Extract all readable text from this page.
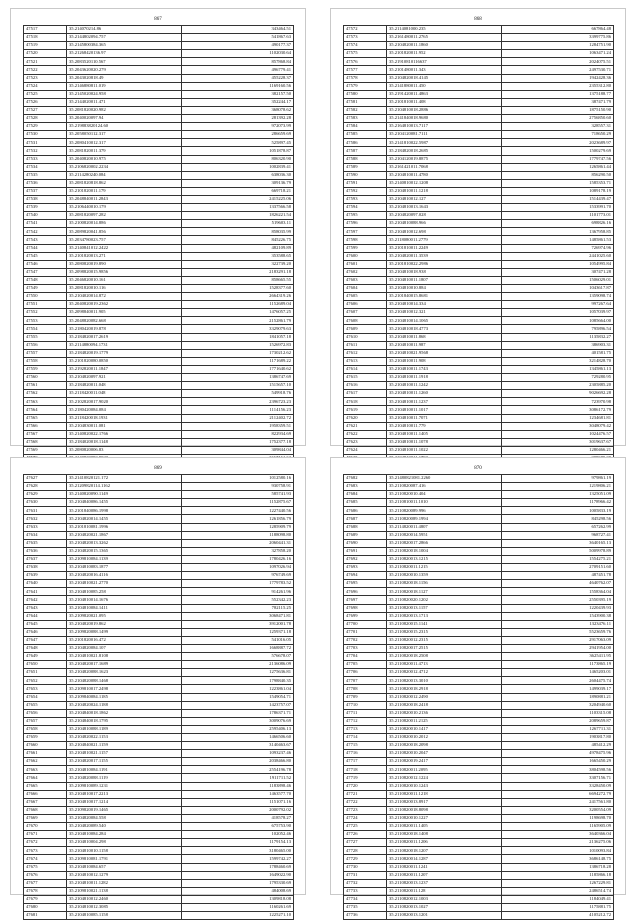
867
47517	35.214070214.86	343464.51
47518	35.2144802094.757	541867.63
47519	35.2145800384.365	490177.37
47520	35.21268420136.97	1102030.64
47521	35.2083520110.567	857868.84
47522	35.2043620020.279	496779.41
47523	35.2043020818.49	455228.37
47524	35.2146880811.019	1169160.56
47525	35.2145020024.958	382157.50
47526	35.2144020011.471	352244.17
47527	35.2081820020.982	368078.62
47528	35.2040020097.94	281392.28
47529	35.219883820124.60	972073.99
47530	35.2058050112.317	286659.69
47531	35.2080410012.317	525897.45
47532	35.2081820011.379	1051878.87
47533	35.2040820010.975	806320.90
47534	35.2106820002.2234	1002839.41
47535	35.2114280240.084	638036.30
47536	35.2081820818.862	309136.79
47537	35.2101820011.179	669718.21
47538	35.2048840011.2843	2415225.06
47539	35.2106440010.179	1337566.58
47540	35.2081820097.282	1826221.54
47541	35.2100820014.886	519603.11
47542	35.2089820041.856	858035.99
47543	35.2034780023.757	845226.75
47544	35.2140841012.2422	482109.89
47545	35.2101820013.271	353588.65
47546	35.2080820019.890	322739.20
47547	35.2098820015.9856	2183291.18
47548	35.2046820010.161	858665.55
47549	35.2081820010.116	1528377.60
47550	35.2104020014.872	2664319.26
47551	35.2040820019.2362	1152689.04
47552	35.2098840011.905	1476057.25
47553	35.2048820082.668	2152861.79
47554	35.2180420019.878	3329079.63
47555	35.2184820017.2619	1841057.18
47556	35.2114880094.1731	1526972.83
47557	35.2184820019.1779	1730212.62
47558	35.2101820080.0850	1171689.22
47559	35.2192820011.1847	1771640.62
47560	35.2104820097.921	1386747.69
47561	35.2184820011.048	1515657.10
47562	35.2118420011.048	549918.76
47563	35.2102820017.9020	2396723.23
47564	35.2180420084.084	1114156.23
47565	35.2118420018.1931	2112402.72
47566	35.2104830011.081	1958359.51
47567	35.2140820022.1766	822934.69
47568	35.2184020018.1148	1752377.18
47569	35.2080820006.83	309844.04

868
47572	35.2114081000.235	667864.48
47573	35.2161480011.2765	3399775.86
47574	35.2104820011.1860	1284751.90
47575	35.2101820011.952	1063471.24
47576	35.21910810116637	2024075.51
47577	35.2101480011.343	2497530.71
47578	35.2104820018.4145	1942428.36
47579	35.2141880011.450	2355312.80
47580	35.2191420011.4863	1375188.77
47581	35.2101810011.408	387471.79
47582	35.2104810018.2886	1875150.90
47583	35.2141840018.9680	2756850.60
47584	35.2164810013.7117	328557.31
47585	35.2104120081.7111	718650.29
47586	35.2141810022.5987	2023689.97
47587	35.2184820018.2685	1500279.69
47588	35.2104120019.8875	1779747.56
47589	35.2161421011.7068	1265861.44
47590	35.2104810011.4780	856290.50
47591	35.2140810012.1208	1585353.71
47592	35.2104810011.1218	1089178.19
47593	35.2104810012.127	1514439.47
47594	35.2104810013.1643	1533991.70
47595	35.2104820097.028	1101773.01
47596	35.2104810088.966	698826.16
47597	35.2104810012.698	1367958.85
47598	35.2118080011.2779	1485861.53
47599	35.2101810011.2249	726974.96
47600	35.2104820011.3539	2441025.60
47601	35.2101810022.2986	1054995.84
47602	35.2104810018.938	307471.28
47603	35.2104810011.1807	1506029.01
47604	35.2104810010.884	1043617.87
47605	35.2101840015.8681	1359098.74
47606	35.2104810014.334	997267.64
47607	35.2104810012.321	1057039.97
47608	35.2104810014.1065	1085664.00
47609	35.2104810018.4773	795896.54
47610	35.2104810011.868	1135832.27
47611	35.2104810011.987	386903.31
47612	35.2104810021.9568	401581.75
47613	35.2104810011.908	3214828.70
47614	35.2104810011.1743	1345861.13
47615	35.2104810011.1918	729280.95
47616	35.2104810011.1242	2305885.20
47617	35.2104810011.1260	9026692.28
47618	35.2104810011.1237	723970.98
47619	35.2104810011.1017	3086172.79
47620	35.2104810011.7071	1234681.81
47621	35.2104810011.779	3048079.42
47622	35.2104810011.1405	1024476.57
47623	35.2104810011.1078	3019637.67
47624	35.2104810011.1022	1280466.21

869
47627	35.21410820121.172	1012580.16
47628	35.21209820114.1162	930758.91
47629	35.2140820090.1149	585741.93
47630	35.2104840086.1455	1152875.67
47631	35.2101840086.1998	1227440.56
47632	35.2104820014.1455	1261856.79
47633	35.2101810081.1996	1285909.79
47634	35.2104820021.1867	1188098.80
47635	35.2104820013.3262	2060441.31
47636	35.2104820015.1365	327858.20
47637	35.2109810084.1139	1780426.16
47638	35.2104810083.1877	1097026.94
47639	35.2104820016.4116	976749.69
47640	35.2104810021.2770	1779783.52
47641	35.2104810085.258	914261.96
47642	35.2104810014.1676	552342.23
47643	35.2104810084.1411	782115.25
47644	35.2109820021.095	3068471.81
47645	35.2104820019.862	3912001.78
47646	35.2109820088.1499	1259371.18
47647	35.2101820016.472	541016.05
47648	35.2104820084.107	1668887.72
47649	35.2104810021.8108	576678.07
47650	35.2104820017.1689	2136086.09
47651	35.2104820088.1623	1275636.81
47652	35.2104820088.1468	1798840.35
47653	35.2109810017.2498	1223861.04
47654	35.2109840084.1185	1549054.71
47655	35.2104820024.1188	1423757.07
47656	35.2104840018.1862	1786371.71
47657	35.2104840018.1795	3009076.69
47658	35.2104810088.1189	2595406.13
47659	35.2104820022.1153	1466506.60
47660	35.2104840021.1159	3140463.67
47661	35.2104810021.1157	1093237.46
47662	35.2104820017.1155	2038466.80
47663	35.2104810084.1191	2554196.78
47664	35.2104820088.1119	1911711.52
47665	35.2109810089.1231	1183898.46
47666	35.2104810017.2213	1463577.70
47667	35.2104810017.1214	1151071.16
47668	35.2109820019.1465	2000792.02
47669	35.2104820084.558	418578.27
47670	35.2104820089.540	675753.90
47671	35.2104810084.284	102052.46
47672	35.2104810004.298	1179154.13
47673	35.2104810010.1158	3180465.00
47674	35.2109810081.1791	1599742.27
47675	35.2104810084.657	1788460.69
47676	35.2104810012.1279	1649022.90
47677	35.2104810011.1282	1795330.69
47678	35.2109810021.1138	484008.69
47679	35.2104810012.2460	1309818.08
47680	35.2104810012.3085	1160261.69
47681	35.2104810085.1158	1225271.10
870
47682	35.21480821081.2260	979861.19
47683	35.2110820087.416	1219806.21
47684	35.2110820010.404	1325051.09
47685	35.2110810011.1010	1178966.42
47686	35.2110820089.996	1005833.19
47687	35.2110820089.1994	845298.56
47688	35.2114820011.4807	657262.99
47689	35.2110820014.5951	968727.41
47690	35.2110820017.2866	3640165.13
47691	35.2110820018.1004	5009978.89
47692	35.2110820013.1215	1554275.21
47693	35.2110820011.1215	2709151.60
47694	35.2110820010.1359	487451.78
47695	35.2110820018.1156	4640762.07
47696	35.2110820018.1127	1558364.04
47697	35.2110820020.1202	2550395.19
47698	35.2110820013.1157	1220439.93
47699	35.2110820013.1713	1543900.38
47700	35.2110820015.1141	1323476.11
47701	35.2110820015.2315	5523659.76
47702	35.2110820012.2315	2917063.09
47703	35.2110820017.2515	2941954.00
47704	35.2110820018.2508	3625411.95
47705	35.2110820011.4713	1173865.19
47706	35.2110820012.4712	1465203.01
47707	35.2110820013.3010	2604475.74
47708	35.2110820018.2918	1499039.17
47709	35.2110820012.2490	1890881.21
47710	35.2110820018.2418	3204940.60
47711	35.2110820010.2136	1103315.08
47712	35.2110820011.2125	2089659.87
47713	35.2110820010.1417	1267711.31
47714	35.2110820010.2012	1903817.80
47715	35.2110820018.2098	485412.29
47716	35.2110820010.2047	4978475.96
47717	35.2110820019.2417	1665450.29
47718	35.2110820011.2095	3804598.56
47719	35.2110820012.1224	3307156.71
47720	35.2110820010.1243	3328450.09
47721	35.2110820011.1218	6694272.79
47722	35.2110820013.8917	2417561.80
47723	35.2110820018.8098	3200554.09
47724	35.2110820010.1227	1198698.70
47725	35.2110820011.1405	1165905.09
47726	35.2110820018.1408	3640366.04
47727	35.2110820011.1206	2136275.06
47728	35.2110820018.1207	1010093.84
47729	35.2110820014.1287	3686148.75
47730	35.2110820011.1241	1386718.28
47731	35.2110820011.1207	1185866.18
47732	35.2110820013.1237	1267229.81
47733	35.2110820011.128	2486514.74
47734	35.2110820012.1003	1184049.41
47735	35.2110820013.1027	1175881.75
47736	35.2110820013.1201	4105212.72
